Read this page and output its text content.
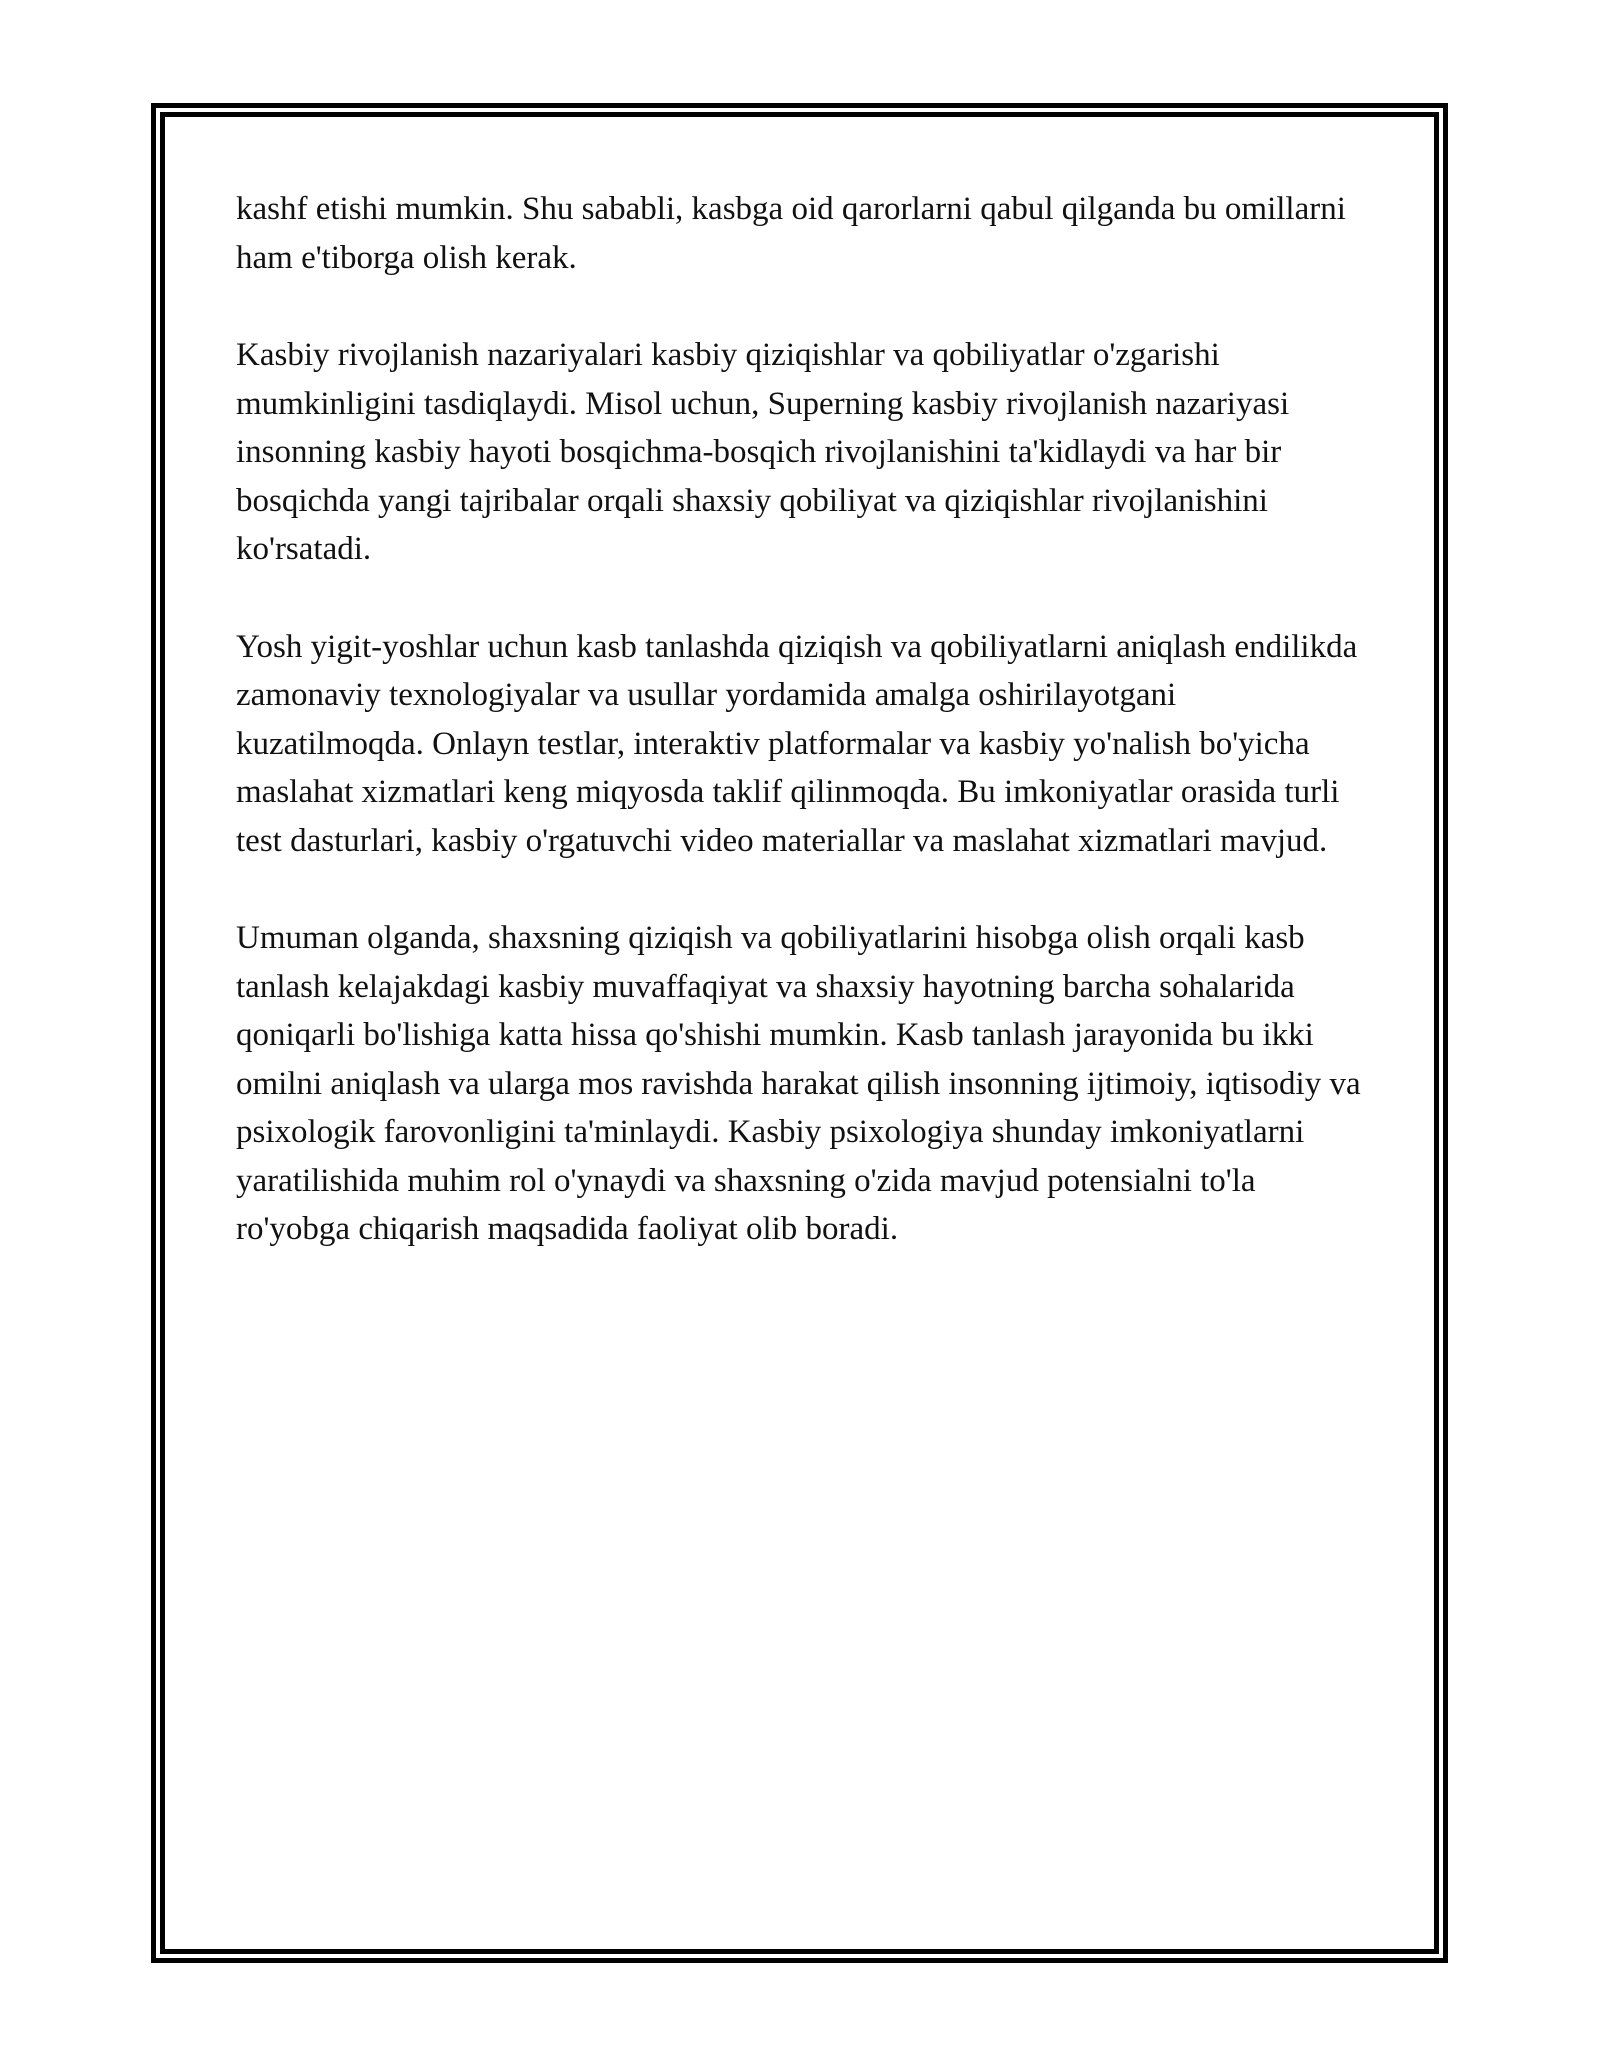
kashf etishi mumkin. Shu sababli, kasbga oid qarorlarni qabul qilganda bu omillarni ham e'tiborga olish kerak.

Kasbiy rivojlanish nazariyalari kasbiy qiziqishlar va qobiliyatlar o'zgarishi mumkinligini tasdiqlaydi. Misol uchun, Superning kasbiy rivojlanish nazariyasi insonning kasbiy hayoti bosqichma-bosqich rivojlanishini ta'kidlaydi va har bir bosqichda yangi tajribalar orqali shaxsiy qobiliyat va qiziqishlar rivojlanishini ko'rsatadi.

Yosh yigit-yoshlar uchun kasb tanlashda qiziqish va qobiliyatlarni aniqlash endilikda zamonaviy texnologiyalar va usullar yordamida amalga oshirilayotgani kuzatilmoqda. Onlayn testlar, interaktiv platformalar va kasbiy yo'nalish bo'yicha maslahat xizmatlari keng miqyosda taklif qilinmoqda. Bu imkoniyatlar orasida turli test dasturlari, kasbiy o'rgatuvchi video materiallar va maslahat xizmatlari mavjud.

Umuman olganda, shaxsning qiziqish va qobiliyatlarini hisobga olish orqali kasb tanlash kelajakdagi kasbiy muvaffaqiyat va shaxsiy hayotning barcha sohalarida qoniqarli bo'lishiga katta hissa qo'shishi mumkin. Kasb tanlash jarayonida bu ikki omilni aniqlash va ularga mos ravishda harakat qilish insonning ijtimoiy, iqtisodiy va psixologik farovonligini ta'minlaydi. Kasbiy psixologiya shunday imkoniyatlarni yaratilishida muhim rol o'ynaydi va shaxsning o'zida mavjud potensialni to'la ro'yobga chiqarish maqsadida faoliyat olib boradi.
